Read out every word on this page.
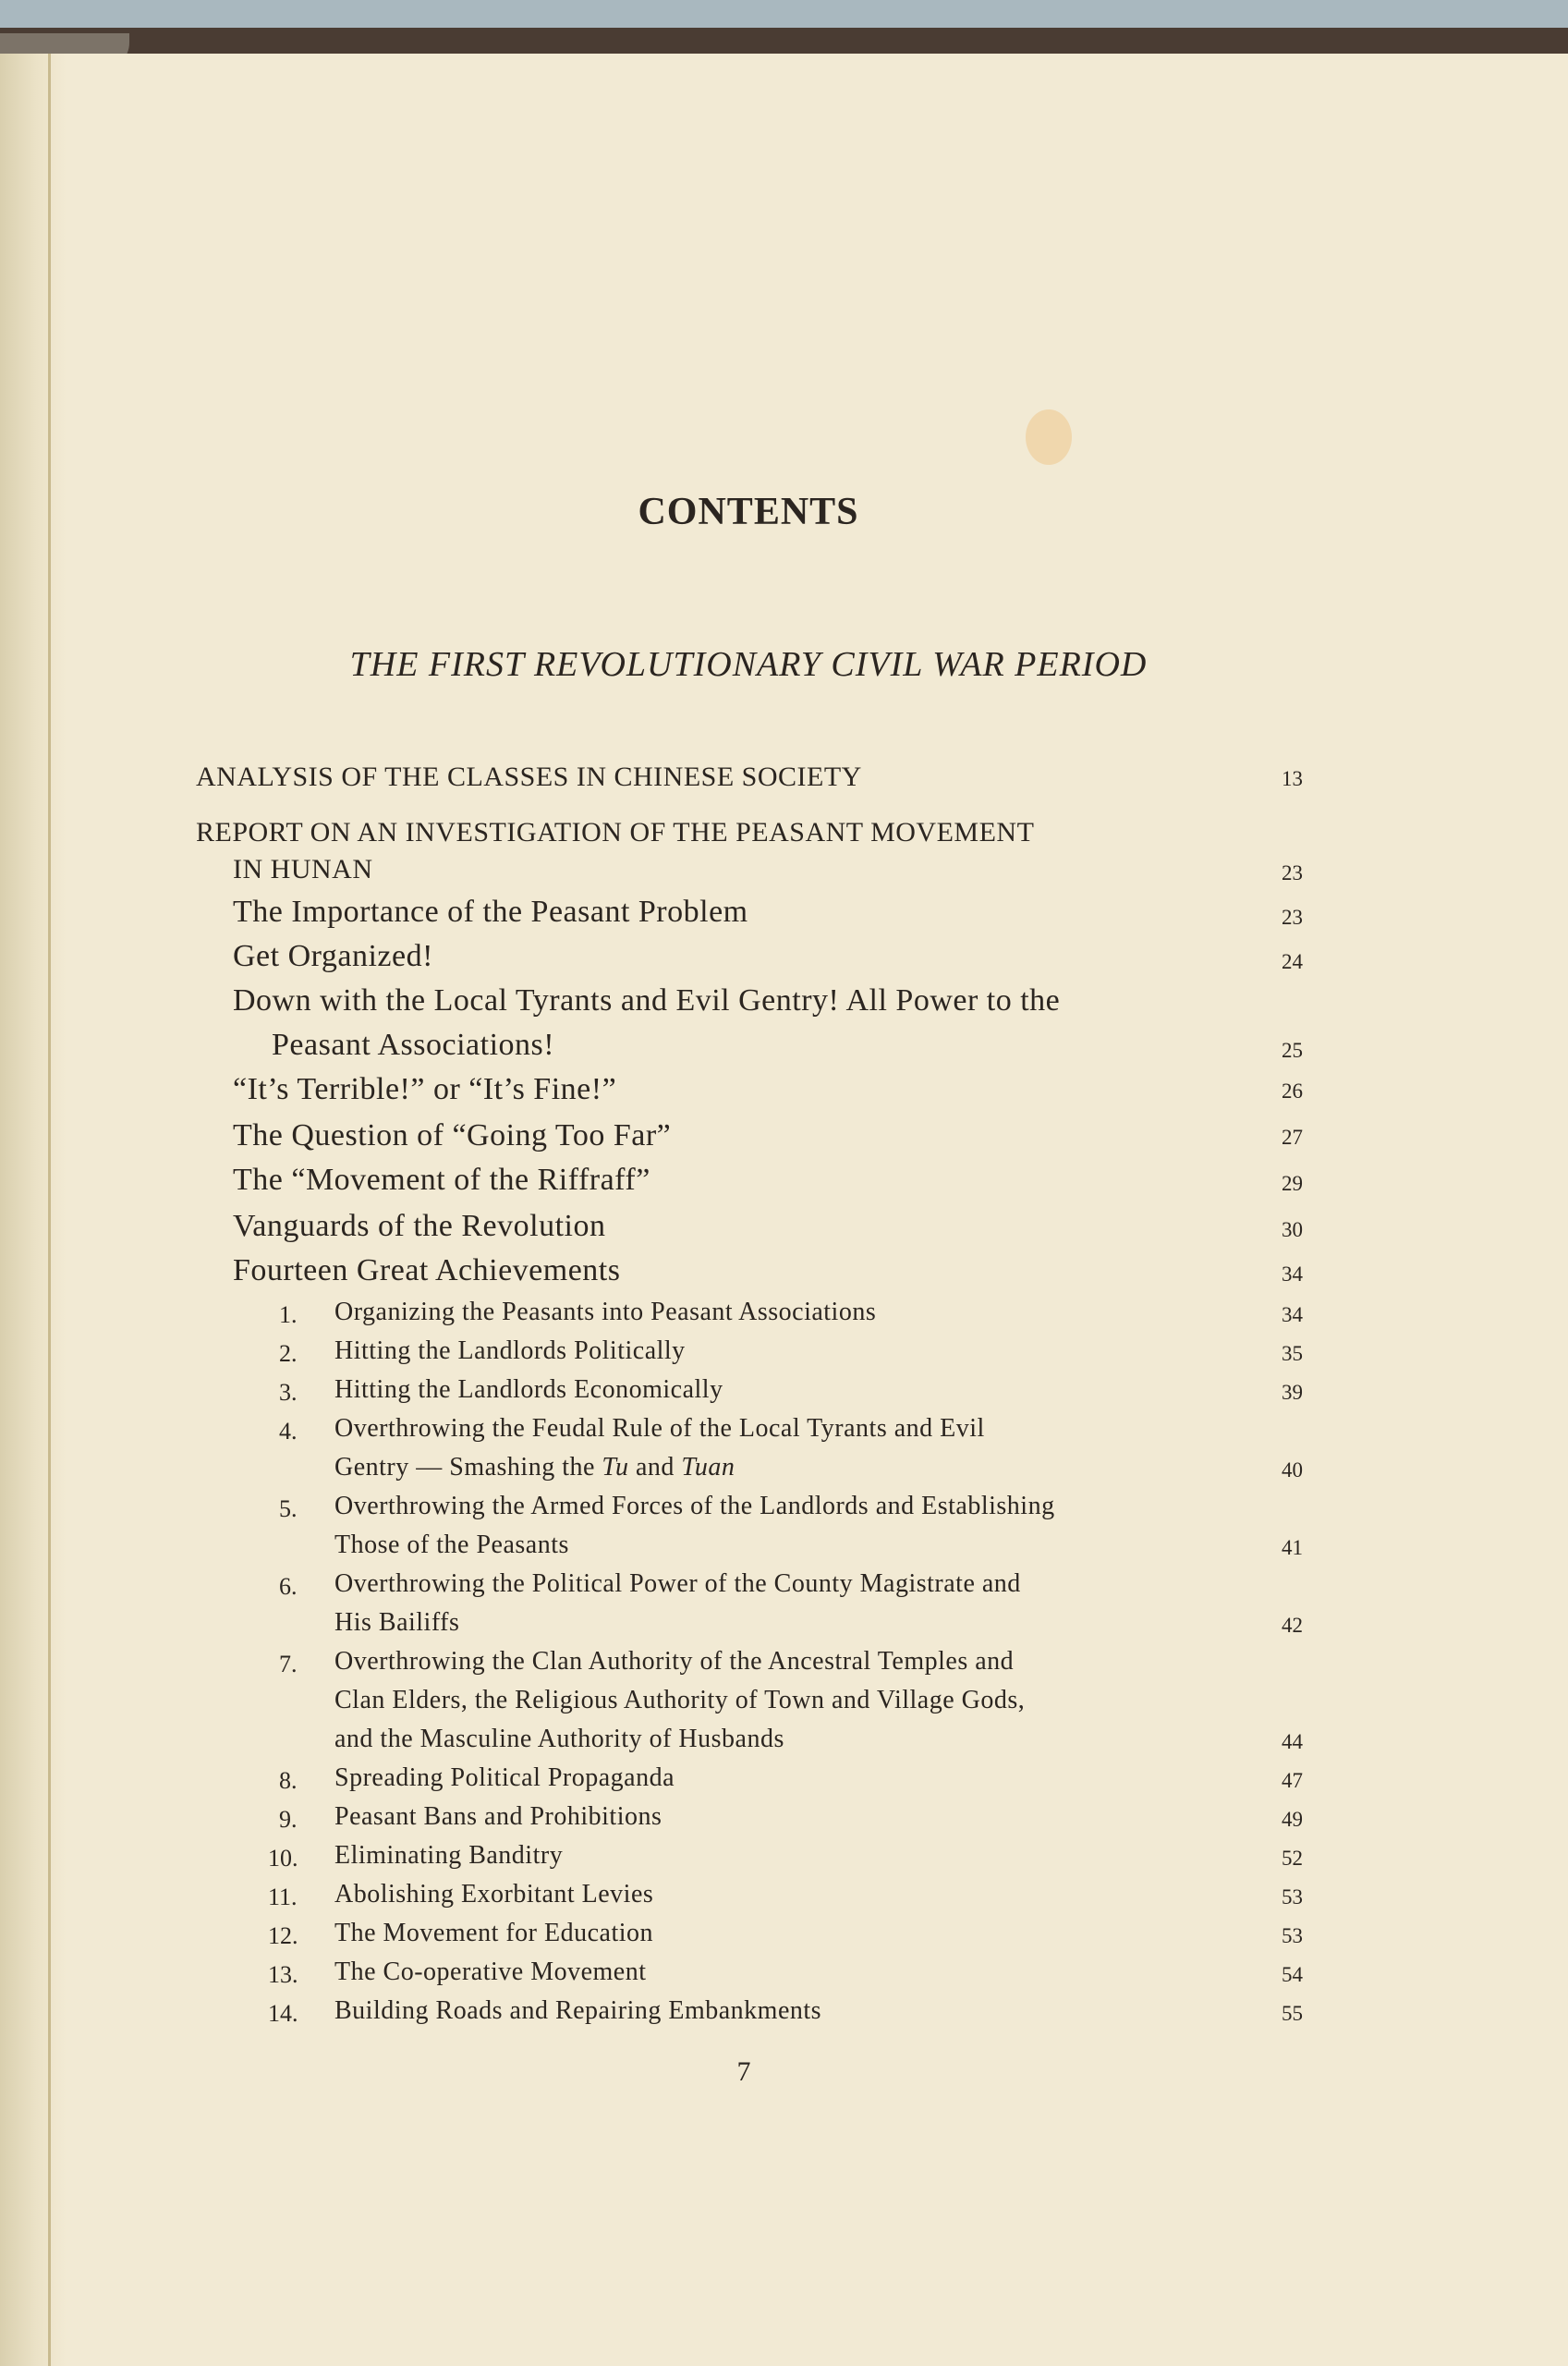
CONTENTS
THE FIRST REVOLUTIONARY CIVIL WAR PERIOD
ANALYSIS OF THE CLASSES IN CHINESE SOCIETY	13
REPORT ON AN INVESTIGATION OF THE PEASANT MOVEMENT
IN HUNAN	23
The Importance of the Peasant Problem	23
Get Organized!	24
Down with the Local Tyrants and Evil Gentry! All Power to the
Peasant Associations!	25
“It’s Terrible!” or “It’s Fine!”	26
The Question of “Going Too Far”	27
The “Movement of the Riffraff”	29
Vanguards of the Revolution	30
Fourteen Great Achievements	34
1. Organizing the Peasants into Peasant Associations	34
2. Hitting the Landlords Politically	35
3. Hitting the Landlords Economically	39
4. Overthrowing the Feudal Rule of the Local Tyrants and Evil
Gentry — Smashing the Tu and Tuan	40
5. Overthrowing the Armed Forces of the Landlords and Establishing
Those of the Peasants	41
6. Overthrowing the Political Power of the County Magistrate and
His Bailiffs	42
7. Overthrowing the Clan Authority of the Ancestral Temples and
Clan Elders, the Religious Authority of Town and Village Gods,
and the Masculine Authority of Husbands	44
8. Spreading Political Propaganda	47
9. Peasant Bans and Prohibitions	49
10. Eliminating Banditry	52
11. Abolishing Exorbitant Levies	53
12. The Movement for Education	53
13. The Co-operative Movement	54
14. Building Roads and Repairing Embankments	55
7
